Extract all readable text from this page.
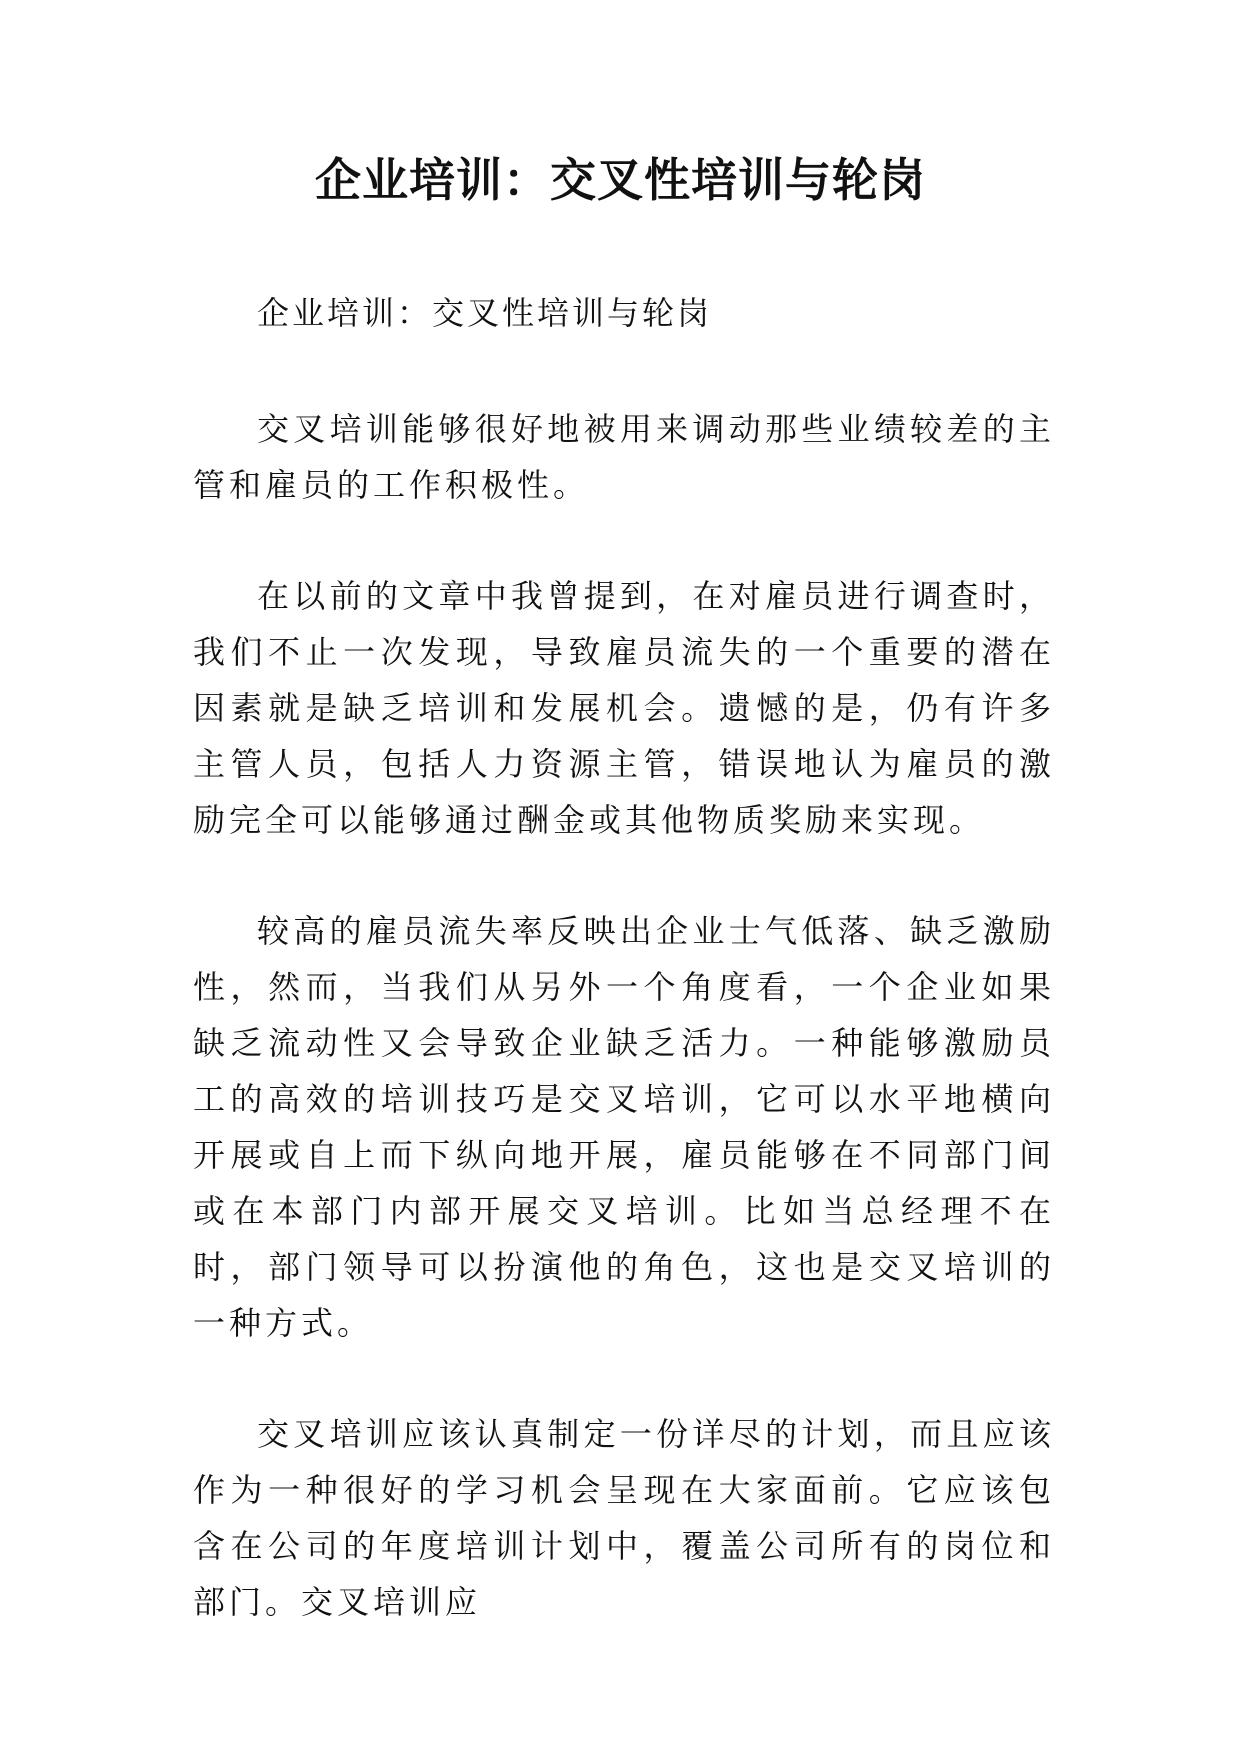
企业培训：交叉性培训与轮岗

企业培训：交叉性培训与轮岗

交叉培训能够很好地被用来调动那些业绩较差的主管和雇员的工作积极性。

在以前的文章中我曾提到，在对雇员进行调查时，我们不止一次发现，导致雇员流失的一个重要的潜在因素就是缺乏培训和发展机会。遗憾的是，仍有许多主管人员，包括人力资源主管，错误地认为雇员的激励完全可以能够通过酬金或其他物质奖励来实现。

较高的雇员流失率反映出企业士气低落、缺乏激励性，然而，当我们从另外一个角度看，一个企业如果缺乏流动性又会导致企业缺乏活力。一种能够激励员工的高效的培训技巧是交叉培训，它可以水平地横向开展或自上而下纵向地开展，雇员能够在不同部门间或在本部门内部开展交叉培训。比如当总经理不在时，部门领导可以扮演他的角色，这也是交叉培训的一种方式。

交叉培训应该认真制定一份详尽的计划，而且应该作为一种很好的学习机会呈现在大家面前。它应该包含在公司的年度培训计划中，覆盖公司所有的岗位和部门。交叉培训应
